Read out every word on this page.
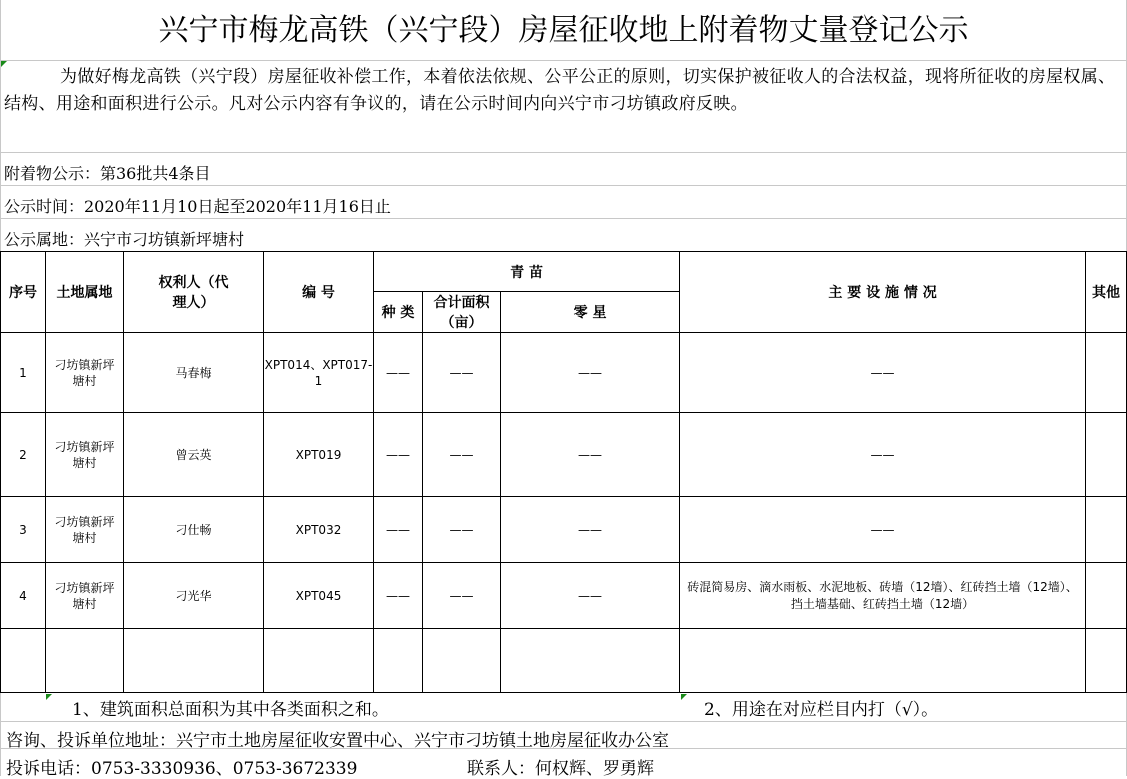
兴宁市梅龙高铁（兴宁段）房屋征收地上附着物丈量登记公示
为做好梅龙高铁（兴宁段）房屋征收补偿工作，本着依法依规、公平公正的原则，切实保护被征收人的合法权益，现将所征收的房屋权属、结构、用途和面积进行公示。凡对公示内容有争议的，请在公示时间内向兴宁市刁坊镇政府反映。
附着物公示：第36批共4条目
公示时间：2020年11月10日起至2020年11月16日止
公示属地：兴宁市刁坊镇新坪塘村
序号	土地属地	权利人（代理人）	编 号	青 苗			主 要 设 施 情 况	其他
				种 类	合计面积（亩）	零 星		
1	刁坊镇新坪塘村	马春梅	XPT014、XPT017-1	——	——	——	——	
2	刁坊镇新坪塘村	曾云英	XPT019	——	——	——	——	
3	刁坊镇新坪塘村	刁仕畅	XPT032	——	——	——	——	
4	刁坊镇新坪塘村	刁光华	XPT045	——	——	——	砖混简易房、滴水雨板、水泥地板、砖墙（12墙）、红砖挡土墙（12墙）、挡土墙基础、红砖挡土墙（12墙）	

1、建筑面积总面积为其中各类面积之和。	2、用途在对应栏目内打（√）。
咨询、投诉单位地址：兴宁市土地房屋征收安置中心、兴宁市刁坊镇土地房屋征收办公室
投诉电话：0753-3330936、0753-3672339	联系人：何权辉、罗勇辉
